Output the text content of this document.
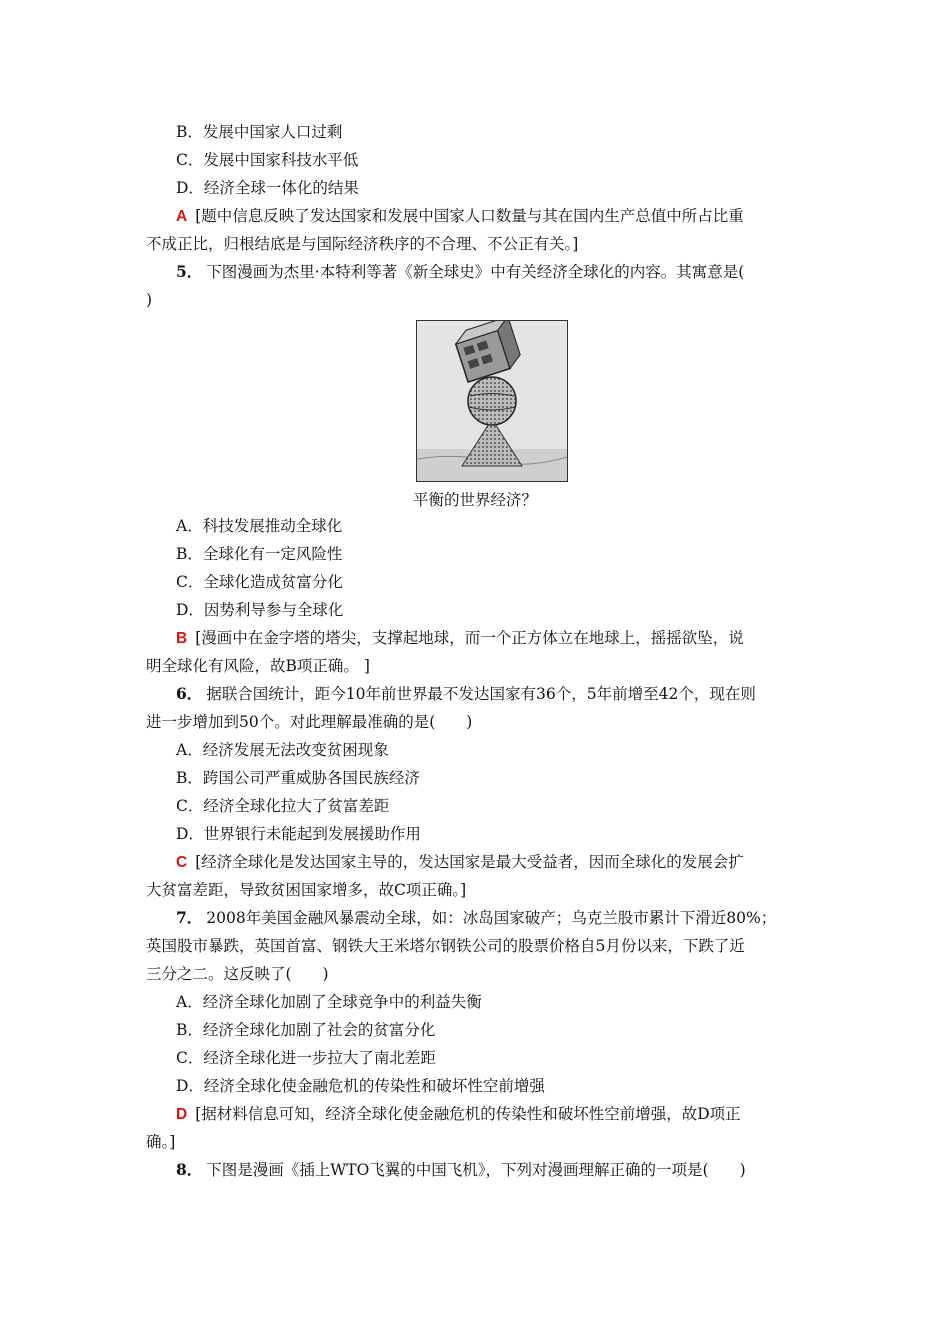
B．发展中国家人口过剩
C．发展中国家科技水平低
D．经济全球一体化的结果
A [题中信息反映了发达国家和发展中国家人口数量与其在国内生产总值中所占比重
不成正比，归根结底是与国际经济秩序的不合理、不公正有关。]
5． 下图漫画为杰里·本特利等著《新全球史》中有关经济全球化的内容。其寓意是(
)
平衡的世界经济？
A．科技发展推动全球化
B．全球化有一定风险性
C．全球化造成贫富分化
D．因势利导参与全球化
B [漫画中在金字塔的塔尖，支撑起地球，而一个正方体立在地球上，摇摇欲坠，说
明全球化有风险，故B项正确。 ]
6． 据联合国统计，距今10年前世界最不发达国家有36个，5年前增至42个，现在则
进一步增加到50个。对此理解最准确的是(　　)
A．经济发展无法改变贫困现象
B．跨国公司严重威胁各国民族经济
C．经济全球化拉大了贫富差距
D．世界银行未能起到发展援助作用
C [经济全球化是发达国家主导的，发达国家是最大受益者，因而全球化的发展会扩
大贫富差距，导致贫困国家增多，故C项正确。]
7． 2008年美国金融风暴震动全球，如：冰岛国家破产；乌克兰股市累计下滑近80%；
英国股市暴跌，英国首富、钢铁大王米塔尔钢铁公司的股票价格自5月份以来，下跌了近
三分之二。这反映了(　　)
A．经济全球化加剧了全球竞争中的利益失衡
B．经济全球化加剧了社会的贫富分化
C．经济全球化进一步拉大了南北差距
D．经济全球化使金融危机的传染性和破坏性空前增强
D [据材料信息可知，经济全球化使金融危机的传染性和破坏性空前增强，故D项正
确。]
8． 下图是漫画《插上WTO飞翼的中国飞机》，下列对漫画理解正确的一项是(　　)
